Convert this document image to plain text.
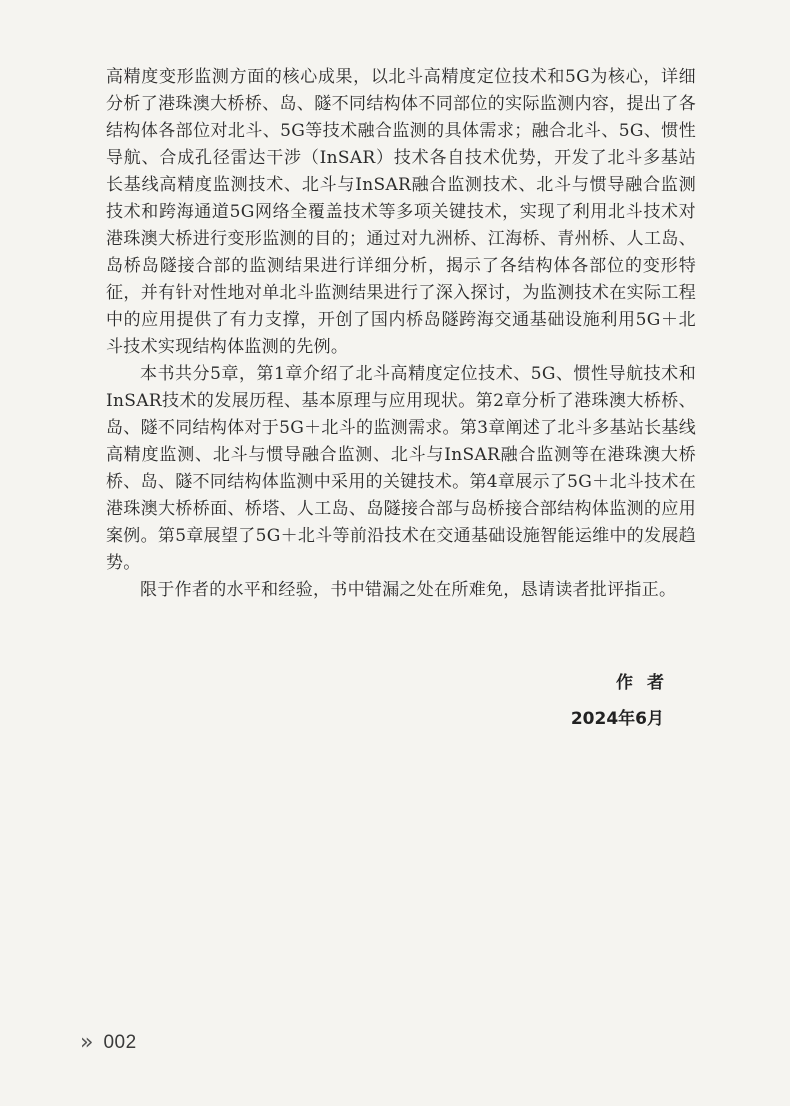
高精度变形监测方面的核心成果，以北斗高精度定位技术和5G为核心，详细分析了港珠澳大桥桥、岛、隧不同结构体不同部位的实际监测内容，提出了各结构体各部位对北斗、5G等技术融合监测的具体需求；融合北斗、5G、惯性导航、合成孔径雷达干涉（InSAR）技术各自技术优势，开发了北斗多基站长基线高精度监测技术、北斗与InSAR融合监测技术、北斗与惯导融合监测技术和跨海通道5G网络全覆盖技术等多项关键技术，实现了利用北斗技术对港珠澳大桥进行变形监测的目的；通过对九洲桥、江海桥、青州桥、人工岛、岛桥岛隧接合部的监测结果进行详细分析，揭示了各结构体各部位的变形特征，并有针对性地对单北斗监测结果进行了深入探讨，为监测技术在实际工程中的应用提供了有力支撑，开创了国内桥岛隧跨海交通基础设施利用5G＋北斗技术实现结构体监测的先例。

本书共分5章，第1章介绍了北斗高精度定位技术、5G、惯性导航技术和InSAR技术的发展历程、基本原理与应用现状。第2章分析了港珠澳大桥桥、岛、隧不同结构体对于5G＋北斗的监测需求。第3章阐述了北斗多基站长基线高精度监测、北斗与惯导融合监测、北斗与InSAR融合监测等在港珠澳大桥桥、岛、隧不同结构体监测中采用的关键技术。第4章展示了5G＋北斗技术在港珠澳大桥桥面、桥塔、人工岛、岛隧接合部与岛桥接合部结构体监测的应用案例。第5章展望了5G＋北斗等前沿技术在交通基础设施智能运维中的发展趋势。

限于作者的水平和经验，书中错漏之处在所难免，恳请读者批评指正。

作者
2024年6月
» 002
